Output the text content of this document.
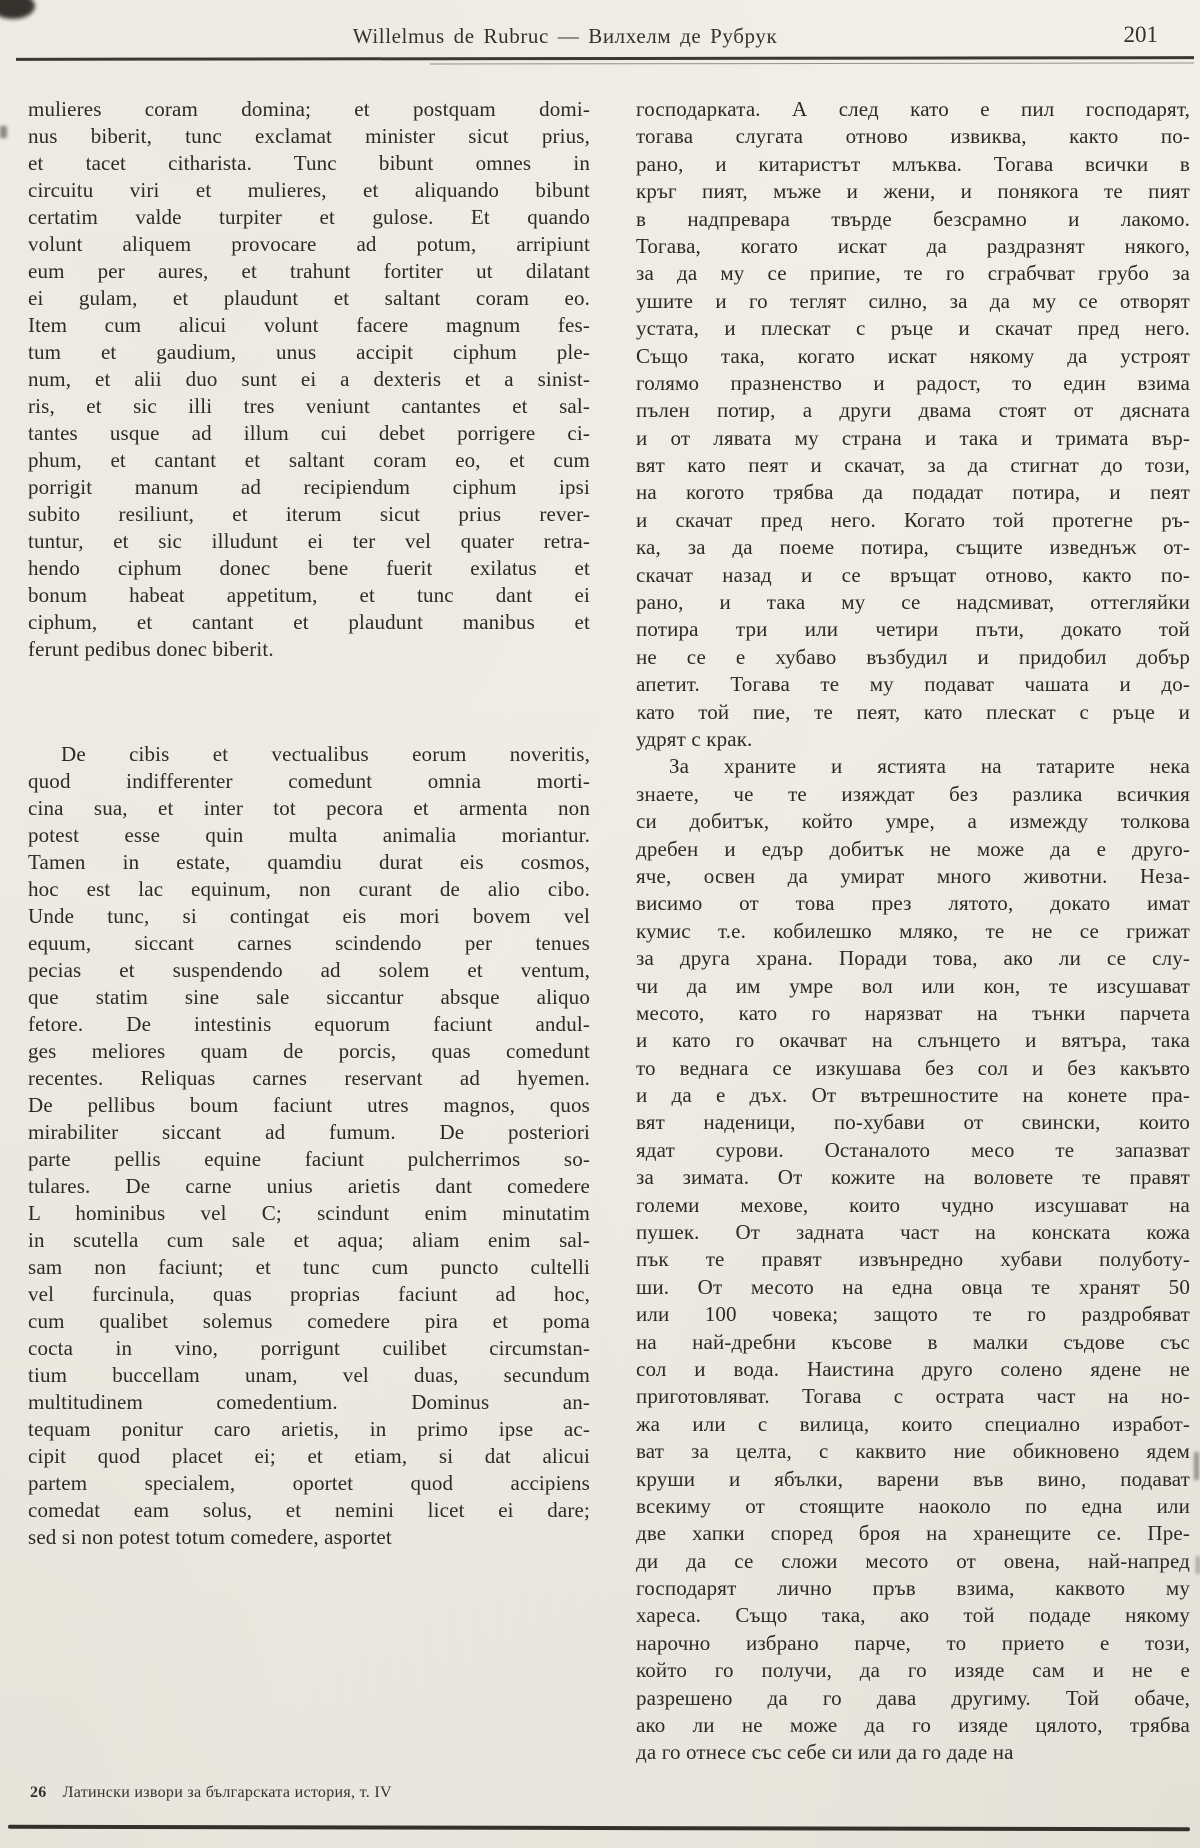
Willelmus de Rubruc — Вилхелм де Рубрук	201
mulieres coram domina; et postquam domi-
nus biberit, tunc exclamat minister sicut prius,
et tacet citharista. Tunc bibunt omnes in
circuitu viri et mulieres, et aliquando bibunt
certatim valde turpiter et gulose. Et quando
volunt aliquem provocare ad potum, arripiunt
eum per aures, et trahunt fortiter ut dilatant
ei gulam, et plaudunt et saltant coram eo.
Item cum alicui volunt facere magnum fes-
tum et gaudium, unus accipit ciphum ple-
num, et alii duo sunt ei a dexteris et a sinist-
ris, et sic illi tres veniunt cantantes et sal-
tantes usque ad illum cui debet porrigere ci-
phum, et cantant et saltant coram eo, et cum
porrigit manum ad recipiendum ciphum ipsi
subito resiliunt, et iterum sicut prius rever-
tuntur, et sic illudunt ei ter vel quater retra-
hendo ciphum donec bene fuerit exilatus et
bonum habeat appetitum, et tunc dant ei
ciphum, et cantant et plaudunt manibus et
ferunt pedibus donec biberit.
De cibis et vectualibus eorum noveritis,
quod indifferenter comedunt omnia morti-
cina sua, et inter tot pecora et armenta non
potest esse quin multa animalia moriantur.
Tamen in estate, quamdiu durat eis cosmos,
hoc est lac equinum, non curant de alio cibo.
Unde tunc, si contingat eis mori bovem vel
equum, siccant carnes scindendo per tenues
pecias et suspendendo ad solem et ventum,
que statim sine sale siccantur absque aliquo
fetore. De intestinis equorum faciunt andul-
ges meliores quam de porcis, quas comedunt
recentes. Reliquas carnes reservant ad hyemen.
De pellibus boum faciunt utres magnos, quos
mirabiliter siccant ad fumum. De posteriori
parte pellis equine faciunt pulcherrimos so-
tulares. De carne unius arietis dant comedere
L hominibus vel C; scindunt enim minutatim
in scutella cum sale et aqua; aliam enim sal-
sam non faciunt; et tunc cum puncto cultelli
vel furcinula, quas proprias faciunt ad hoc,
cum qualibet solemus comedere pira et poma
cocta in vino, porrigunt cuilibet circumstan-
tium buccellam unam, vel duas, secundum
multitudinem comedentium. Dominus an-
tequam ponitur caro arietis, in primo ipse ac-
cipit quod placet ei; et etiam, si dat alicui
partem specialem, oportet quod accipiens
comedat eam solus, et nemini licet ei dare;
sed si non potest totum comedere, asportet
господарката. А след като е пил господарят,
тогава слугата отново извиква, както по-
рано, и китаристът млъква. Тогава всички в
кръг пият, мъже и жени, и понякога те пият
в надпревара твърде безсрамно и лакомо.
Тогава, когато искат да раздразнят някого,
за да му се припие, те го сграбчват грубо за
ушите и го теглят силно, за да му се отворят
устата, и плескат с ръце и скачат пред него.
Също така, когато искат някому да устроят
голямо празненство и радост, то един взима
пълен потир, а други двама стоят от дясната
и от лявата му страна и така и тримата вър-
вят като пеят и скачат, за да стигнат до този,
на когото трябва да подадат потира, и пеят
и скачат пред него. Когато той протегне ръ-
ка, за да поеме потира, същите изведнъж от-
скачат назад и се връщат отново, както по-
рано, и така му се надсмиват, оттегляйки
потира три или четири пъти, докато той
не се е хубаво възбудил и придобил добър
апетит. Тогава те му подават чашата и до-
като той пие, те пеят, като плескат с ръце и
удрят с крак.
За храните и ястията на татарите нека
знаете, че те изяждат без разлика всичкия
си добитък, който умре, а измежду толкова
дребен и едър добитък не може да е друго-
яче, освен да умират много животни. Неза-
висимо от това през лятото, докато имат
кумис т.е. кобилешко мляко, те не се грижат
за друга храна. Поради това, ако ли се слу-
чи да им умре вол или кон, те изсушават
месото, като го нарязват на тънки парчета
и като го окачват на слънцето и вятъра, така
то веднага се изкушава без сол и без какъвто
и да е дъх. От вътрешностите на конете пра-
вят наденици, по-хубави от свински, които
ядат сурови. Останалото месо те запазват
за зимата. От кожите на воловете те правят
големи мехове, които чудно изсушават на
пушек. От задната част на конската кожа
пък те правят извънредно хубави полуботу-
ши. От месото на една овца те хранят 50
или 100 човека; защото те го раздробяват
на най-дребни късове в малки съдове със
сол и вода. Наистина друго солено ядене не
приготовляват. Тогава с острата част на но-
жа или с вилица, които специално изработ-
ват за целта, с каквито ние обикновено ядем
круши и ябълки, варени във вино, подават
всекиму от стоящите наоколо по една или
две хапки според броя на хранещите се. Пре-
ди да се сложи месото от овена, най-напред
господарят лично пръв взима, каквото му
хареса. Също така, ако той подаде някому
нарочно избрано парче, то прието е този,
който го получи, да го изяде сам и не е
разрешено да го дава другиму. Той обаче,
ако ли не може да го изяде цялото, трябва
да го отнесе със себе си или да го даде на
26 Латински извори за българската история, т. IV
